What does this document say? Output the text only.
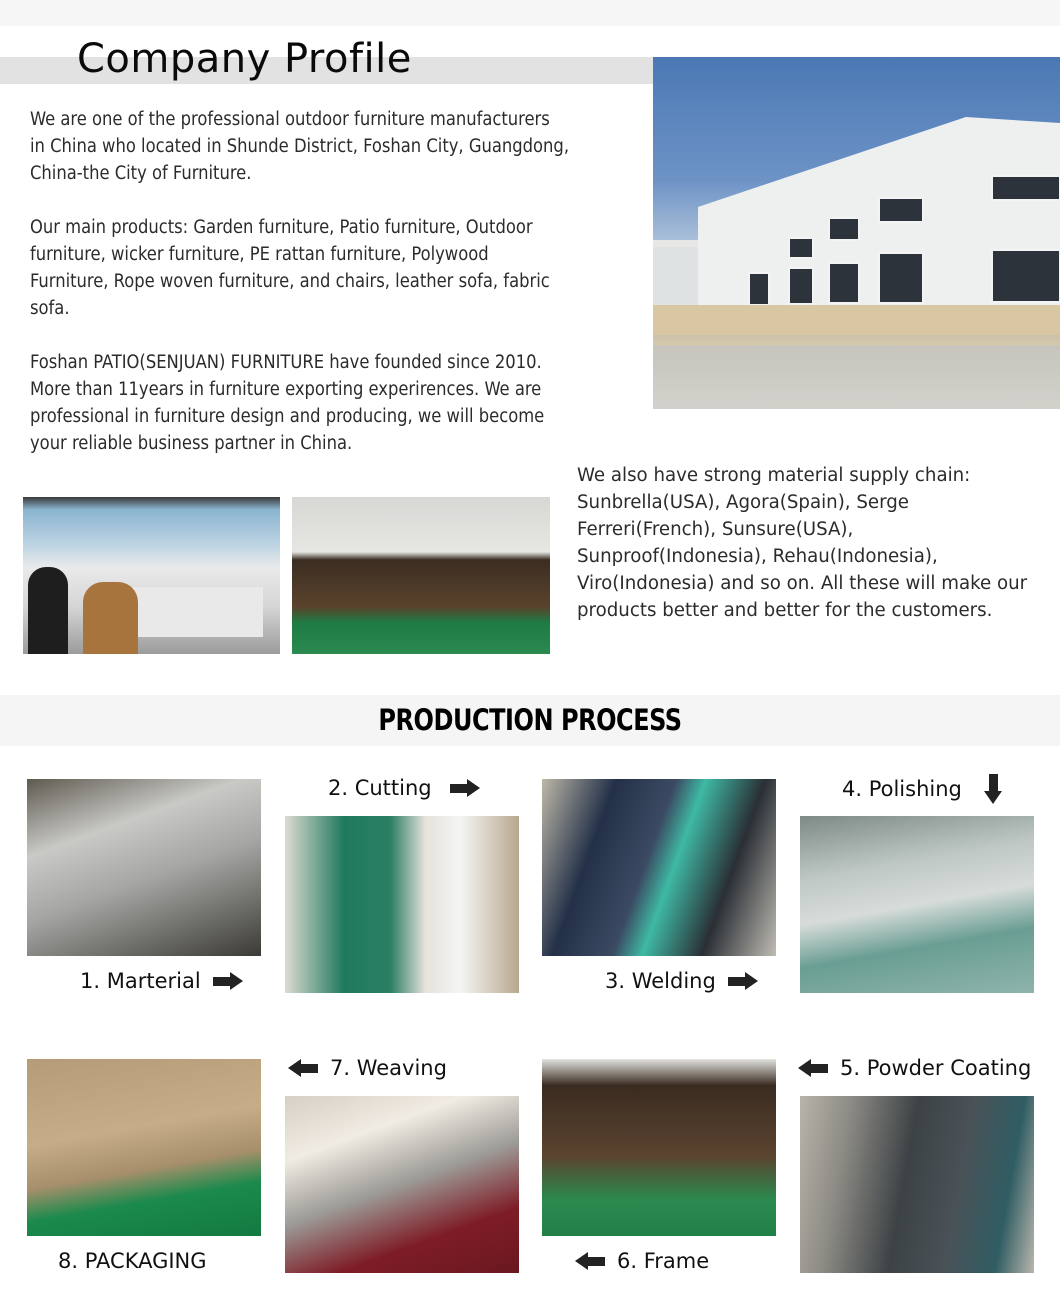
Company Profile
We are one of the professional outdoor furniture manufacturers
in China who located in Shunde District, Foshan City, Guangdong,
China-the City of Furniture.
Our main products: Garden furniture, Patio furniture, Outdoor
furniture, wicker furniture, PE rattan furniture, Polywood
Furniture, Rope woven furniture, and chairs, leather sofa, fabric
sofa.
Foshan PATIO(SENJUAN) FURNITURE have founded since 2010.
More than 11years in furniture exporting experirences. We are
professional in furniture design and producing, we will become
your reliable business partner in China.
We also have strong material supply chain:
Sunbrella(USA), Agora(Spain), Serge
Ferreri(French), Sunsure(USA),
Sunproof(Indonesia), Rehau(Indonesia),
Viro(Indonesia) and so on. All these will make our
products better and better for the customers.
PRODUCTION PROCESS
1. Marterial
2. Cutting
3. Welding
4. Polishing
8. PACKAGING
7. Weaving
6. Frame
5. Powder Coating
